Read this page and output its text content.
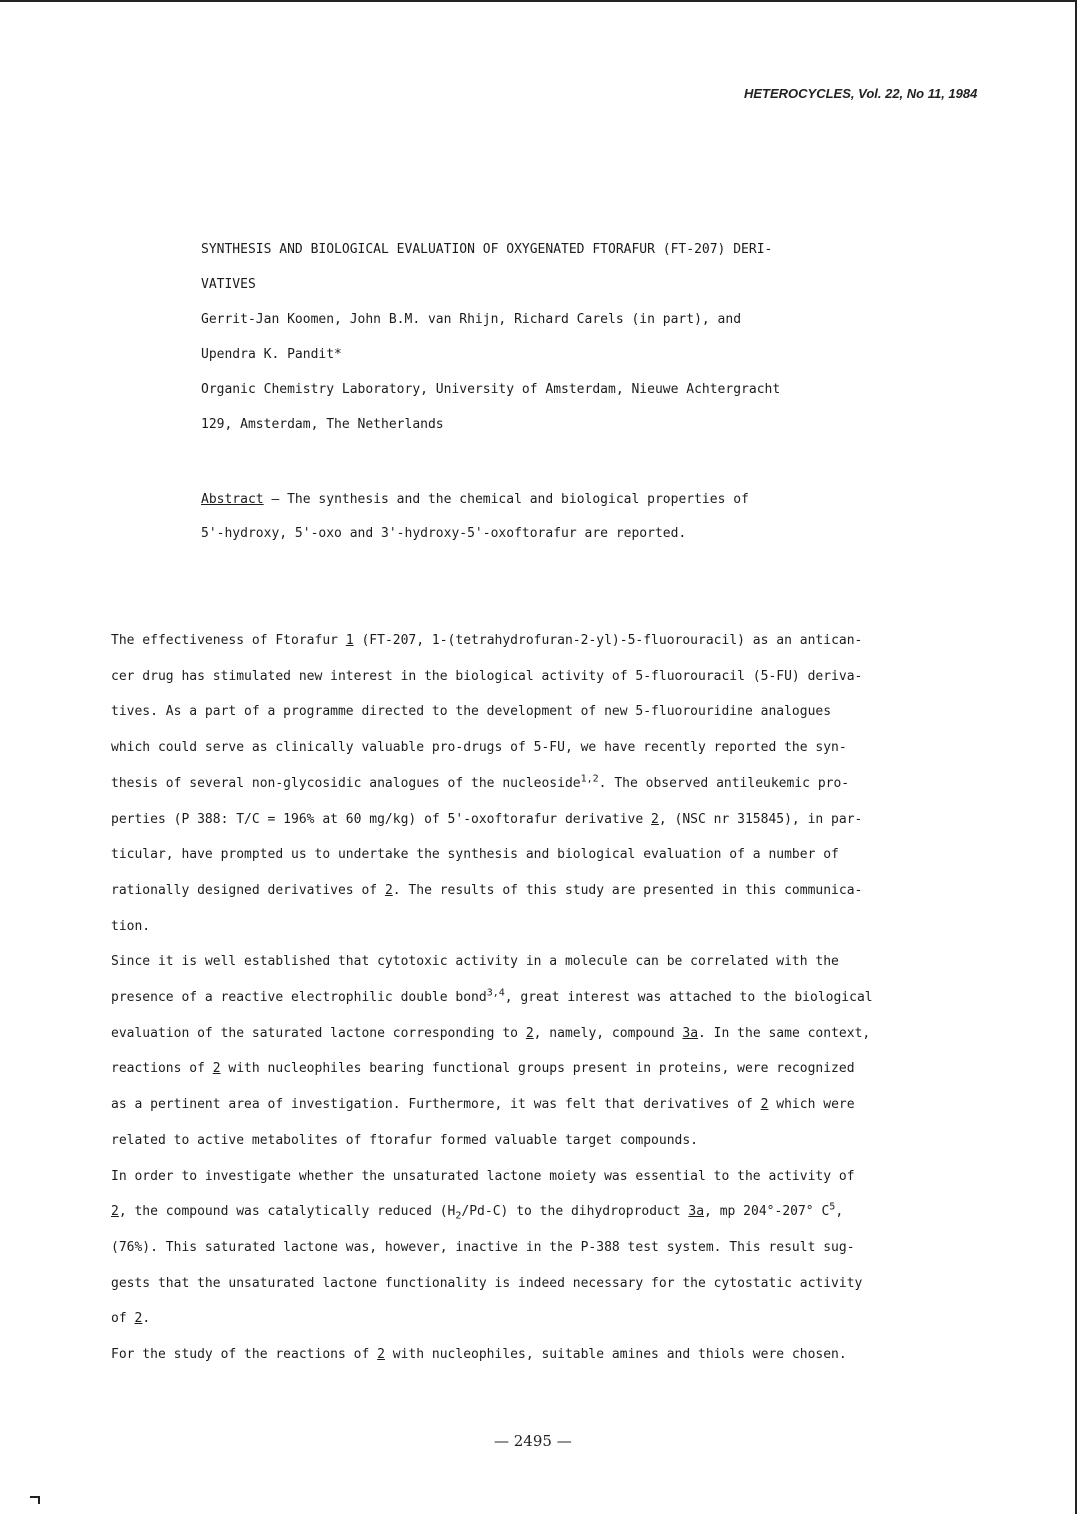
HETEROCYCLES, Vol. 22, No 11, 1984
SYNTHESIS AND BIOLOGICAL EVALUATION OF OXYGENATED FTORAFUR (FT-207) DERI-
VATIVES
Gerrit-Jan Koomen, John B.M. van Rhijn, Richard Carels (in part), and
Upendra K. Pandit*
Organic Chemistry Laboratory, University of Amsterdam, Nieuwe Achtergracht
129, Amsterdam, The Netherlands
Abstract — The synthesis and the chemical and biological properties of
5'-hydroxy, 5'-oxo and 3'-hydroxy-5'-oxoftorafur are reported.
The effectiveness of Ftorafur 1 (FT-207, 1-(tetrahydrofuran-2-yl)-5-fluorouracil) as an antican-
cer drug has stimulated new interest in the biological activity of 5-fluorouracil (5-FU) deriva-
tives. As a part of a programme directed to the development of new 5-fluorouridine analogues
which could serve as clinically valuable pro-drugs of 5-FU, we have recently reported the syn-
thesis of several non-glycosidic analogues of the nucleoside$^{1,2}$. The observed antileukemic pro-
perties (P 388: T/C = 196% at 60 mg/kg) of 5'-oxoftorafur derivative 2, (NSC nr 315845), in par-
ticular, have prompted us to undertake the synthesis and biological evaluation of a number of
rationally designed derivatives of 2. The results of this study are presented in this communica-
tion.
Since it is well established that cytotoxic activity in a molecule can be correlated with the
presence of a reactive electrophilic double bond$^{3,4}$, great interest was attached to the biological
evaluation of the saturated lactone corresponding to 2, namely, compound 3a. In the same context,
reactions of 2 with nucleophiles bearing functional groups present in proteins, were recognized
as a pertinent area of investigation. Furthermore, it was felt that derivatives of 2 which were
related to active metabolites of ftorafur formed valuable target compounds.
In order to investigate whether the unsaturated lactone moiety was essential to the activity of
2, the compound was catalytically reduced $(H_2/Pd-C)$ to the dihydroproduct 3a, mp 204°-207° $C^5$,
(76%). This saturated lactone was, however, inactive in the P-388 test system. This result sug-
gests that the unsaturated lactone functionality is indeed necessary for the cytostatic activity
of 2.
For the study of the reactions of 2 with nucleophiles, suitable amines and thiols were chosen.
— 2495 —
